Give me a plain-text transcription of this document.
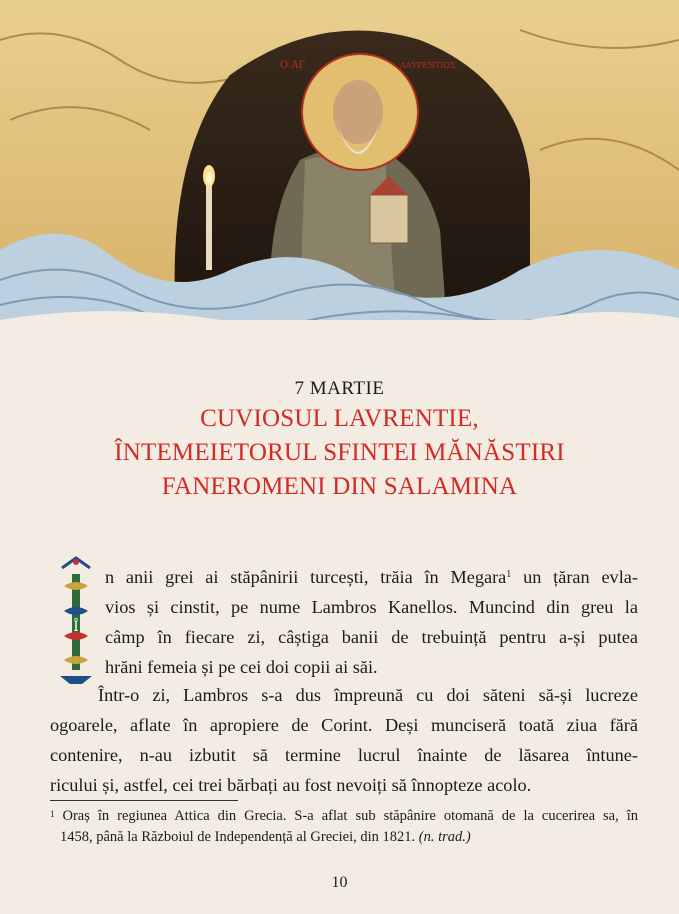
Ο ΑΓ	ΛΑΥΡΕΝΤΙΟΣ
7 MARTIE
CUVIOSUL LAVRENTIE,
ÎNTEMEIETORUL SFINTEI MĂNĂSTIRI
FANEROMENI DIN SALAMINA
Î
n anii grei ai stăpânirii turcești, trăia în Megara$^1$ un țăran evla-
vios și cinstit, pe nume Lambros Kanellos. Muncind din greu la
câmp în fiecare zi, câștiga banii de trebuință pentru a-și putea
hrăni femeia și pe cei doi copii ai săi.
Într-o zi, Lambros s-a dus împreună cu doi săteni să-și lucreze
ogoarele, aflate în apropiere de Corint. Deși munciseră toată ziua fără
contenire, n-au izbutit să termine lucrul înainte de lăsarea întune-
ricului și, astfel, cei trei bărbați au fost nevoiți să înnopteze acolo.
$^1$ Oraș în regiunea Attica din Grecia. S-a aflat sub stăpânire otomană de la cucerirea sa, în
1458, până la Războiul de Independență al Greciei, din 1821. (n. trad.)
10
